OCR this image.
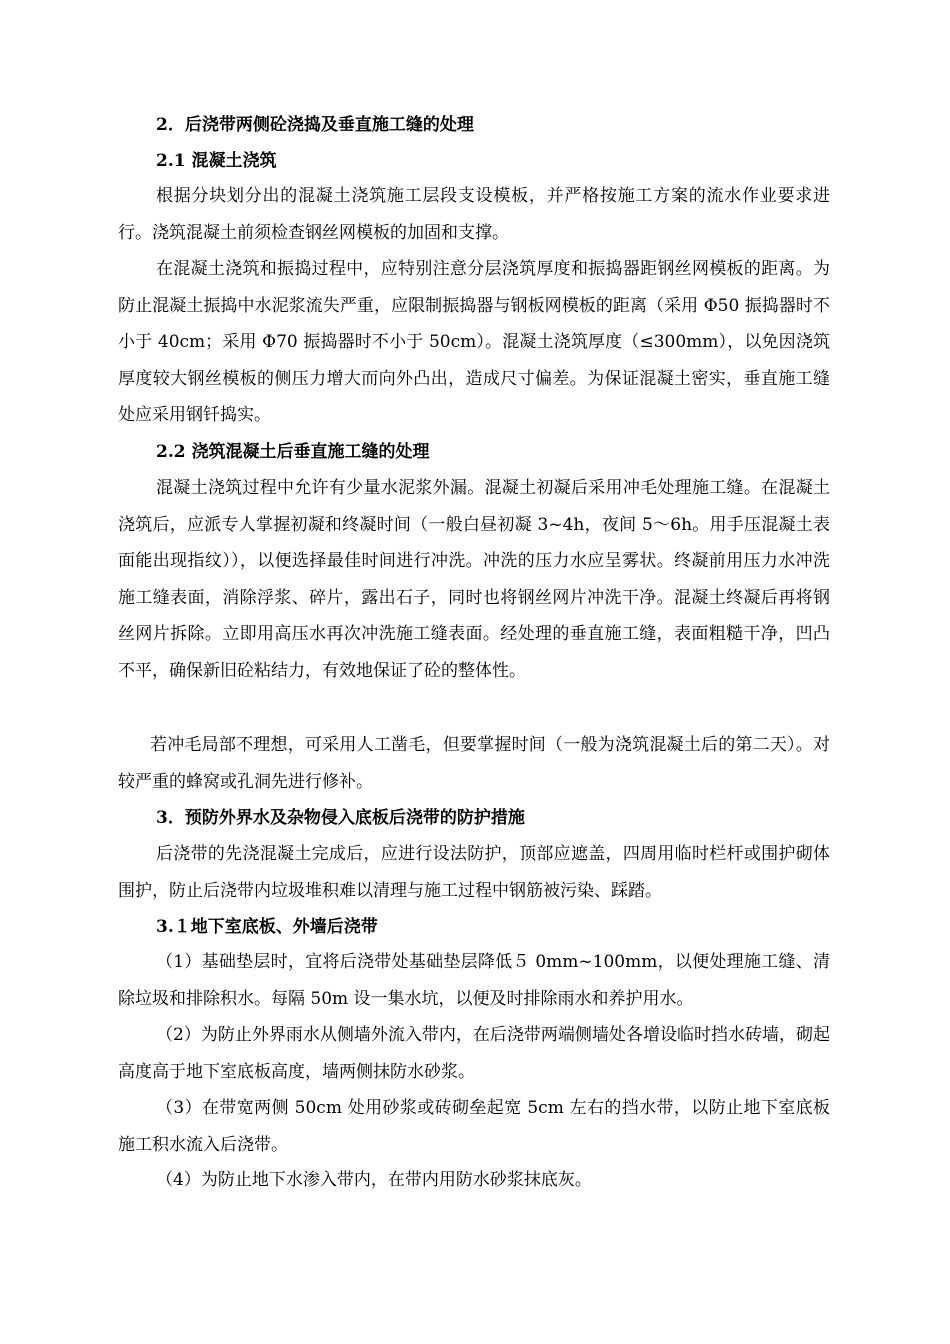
2．后浇带两侧砼浇捣及垂直施工缝的处理

2.1 混凝土浇筑

根据分块划分出的混凝土浇筑施工层段支设模板，并严格按施工方案的流水作业要求进行。浇筑混凝土前须检查钢丝网模板的加固和支撑。

在混凝土浇筑和振捣过程中，应特别注意分层浇筑厚度和振捣器距钢丝网模板的距离。为防止混凝土振捣中水泥浆流失严重，应限制振捣器与钢板网模板的距离（采用 Φ50 振捣器时不小于 40cm；采用 Φ70 振捣器时不小于 50cm）。混凝土浇筑厚度（≤300mm），以免因浇筑厚度较大钢丝模板的侧压力增大而向外凸出，造成尺寸偏差。为保证混凝土密实，垂直施工缝处应采用钢钎捣实。

2.2 浇筑混凝土后垂直施工缝的处理

混凝土浇筑过程中允许有少量水泥浆外漏。混凝土初凝后采用冲毛处理施工缝。在混凝土浇筑后，应派专人掌握初凝和终凝时间（一般白昼初凝 3~4h，夜间 5～6h。用手压混凝土表面能出现指纹）），以便选择最佳时间进行冲洗。冲洗的压力水应呈雾状。终凝前用压力水冲洗施工缝表面，消除浮浆、碎片，露出石子，同时也将钢丝网片冲洗干净。混凝土终凝后再将钢丝网片拆除。立即用高压水再次冲洗施工缝表面。经处理的垂直施工缝，表面粗糙干净，凹凸不平，确保新旧砼粘结力，有效地保证了砼的整体性。

若冲毛局部不理想，可采用人工凿毛，但要掌握时间（一般为浇筑混凝土后的第二天）。对较严重的蜂窝或孔洞先进行修补。

3．预防外界水及杂物侵入底板后浇带的防护措施

后浇带的先浇混凝土完成后，应进行设法防护，顶部应遮盖，四周用临时栏杆或围护砌体围护，防止后浇带内垃圾堆积难以清理与施工过程中钢筋被污染、踩踏。

3.１地下室底板、外墙后浇带

（1）基础垫层时，宜将后浇带处基础垫层降低５ 0mm~100mm，以便处理施工缝、清除垃圾和排除积水。每隔 50m 设一集水坑，以便及时排除雨水和养护用水。

（2）为防止外界雨水从侧墙外流入带内，在后浇带两端侧墙处各增设临时挡水砖墙，砌起高度高于地下室底板高度，墙两侧抹防水砂浆。

（3）在带宽两侧 50cm 处用砂浆或砖砌垒起宽 5cm 左右的挡水带，以防止地下室底板施工积水流入后浇带。

（4）为防止地下水渗入带内，在带内用防水砂浆抹底灰。
